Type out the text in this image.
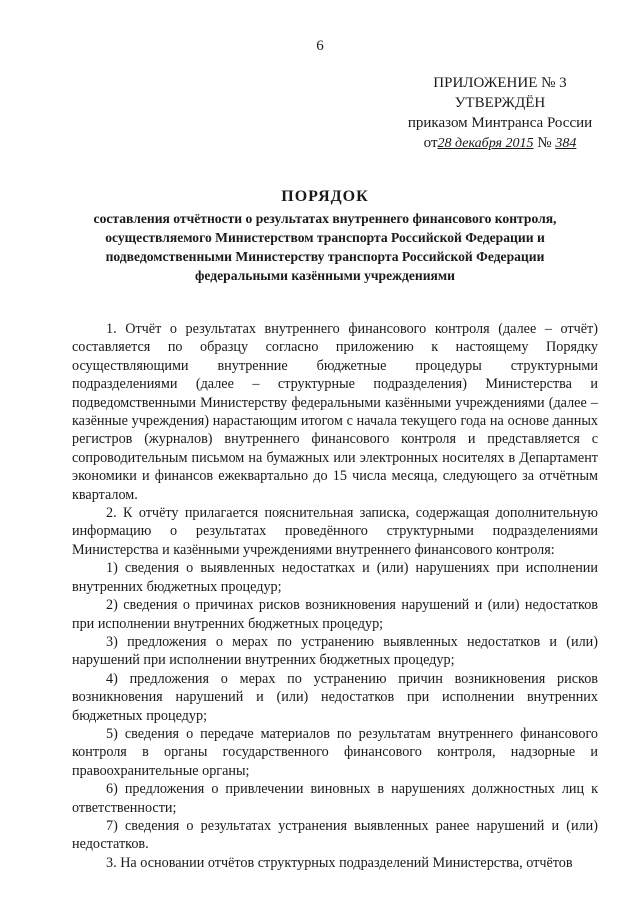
6
ПРИЛОЖЕНИЕ № 3
УТВЕРЖДЁН
приказом Минтранса России
от28 декабря 2015 № 384
ПОРЯДОК
составления отчётности о результатах внутреннего финансового контроля, осуществляемого Министерством транспорта Российской Федерации и подведомственными Министерству транспорта Российской Федерации федеральными казёнными учреждениями

1. Отчёт о результатах внутреннего финансового контроля (далее – отчёт) составляется по образцу согласно приложению к настоящему Порядку осуществляющими внутренние бюджетные процедуры структурными подразделениями (далее – структурные подразделения) Министерства и подведомственными Министерству федеральными казёнными учреждениями (далее – казённые учреждения) нарастающим итогом с начала текущего года на основе данных регистров (журналов) внутреннего финансового контроля и представляется с сопроводительным письмом на бумажных или электронных носителях в Департамент экономики и финансов ежеквартально до 15 числа месяца, следующего за отчётным кварталом.

2. К отчёту прилагается пояснительная записка, содержащая дополнительную информацию о результатах проведённого структурными подразделениями Министерства и казёнными учреждениями внутреннего финансового контроля:

1) сведения о выявленных недостатках и (или) нарушениях при исполнении внутренних бюджетных процедур;

2) сведения о причинах рисков возникновения нарушений и (или) недостатков при исполнении внутренних бюджетных процедур;

3) предложения о мерах по устранению выявленных недостатков и (или) нарушений при исполнении внутренних бюджетных процедур;

4) предложения о мерах по устранению причин возникновения рисков возникновения нарушений и (или) недостатков при исполнении внутренних бюджетных процедур;

5) сведения о передаче материалов по результатам внутреннего финансового контроля в органы государственного финансового контроля, надзорные и правоохранительные органы;

6) предложения о привлечении виновных в нарушениях должностных лиц к ответственности;

7) сведения о результатах устранения выявленных ранее нарушений и (или) недостатков.

3. На основании отчётов структурных подразделений Министерства, отчётов
